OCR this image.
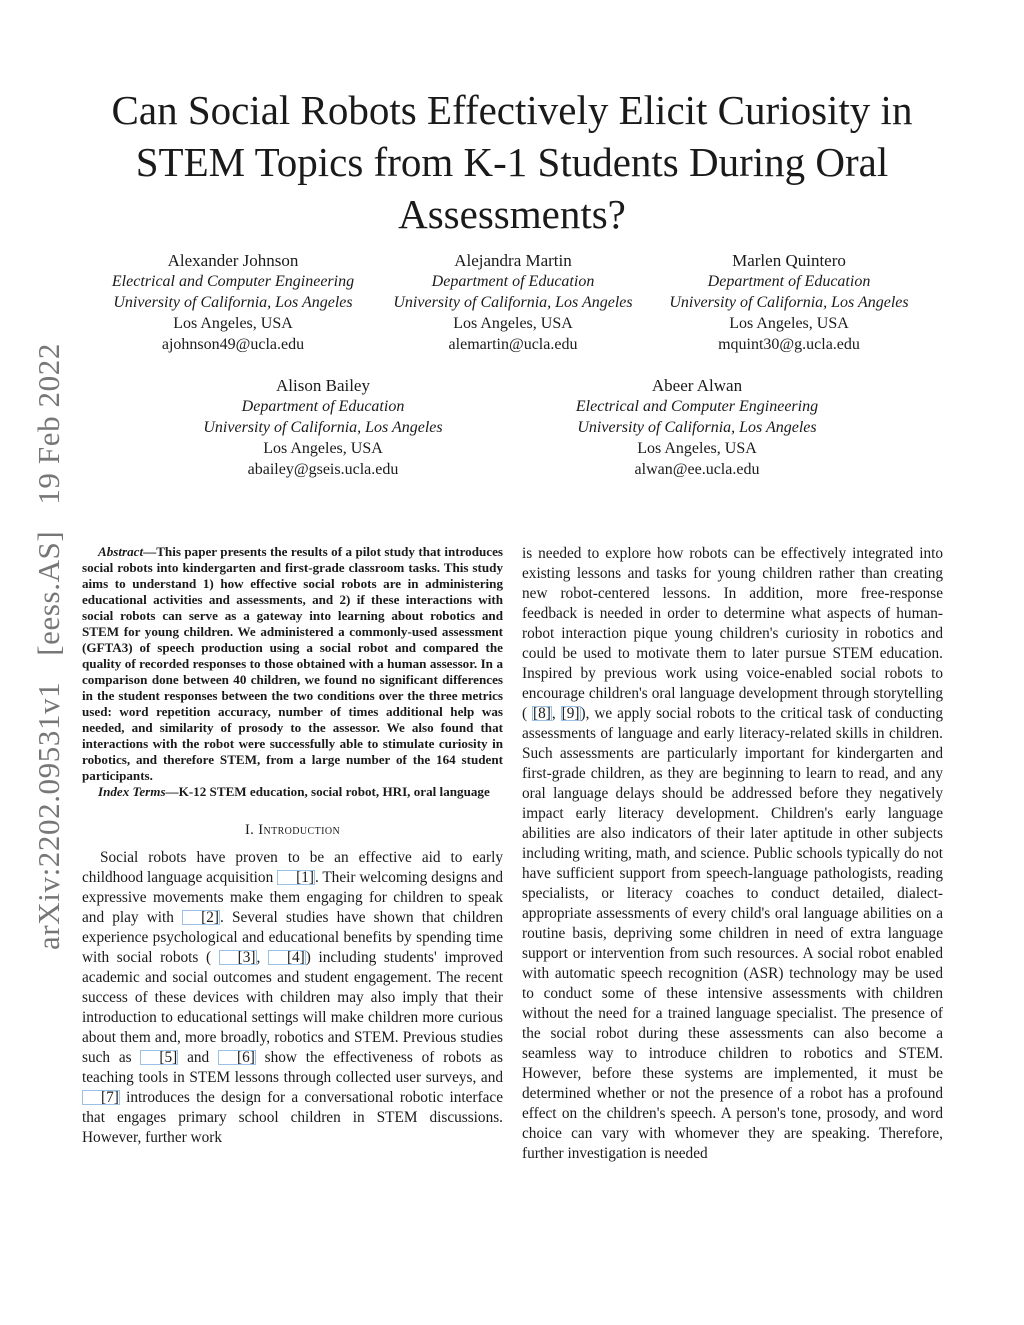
arXiv:2202.09531v1
[eess.AS]
19 Feb 2022
Can Social Robots Effectively Elicit Curiosity in STEM Topics from K-1 Students During Oral Assessments?
Alexander Johnson
Electrical and Computer Engineering
University of California, Los Angeles
Los Angeles, USA
ajohnson49@ucla.edu
Alejandra Martin
Department of Education
University of California, Los Angeles
Los Angeles, USA
alemartin@ucla.edu
Marlen Quintero
Department of Education
University of California, Los Angeles
Los Angeles, USA
mquint30@g.ucla.edu
Alison Bailey
Department of Education
University of California, Los Angeles
Los Angeles, USA
abailey@gseis.ucla.edu
Abeer Alwan
Electrical and Computer Engineering
University of California, Los Angeles
Los Angeles, USA
alwan@ee.ucla.edu

Abstract—This paper presents the results of a pilot study that introduces social robots into kindergarten and first-grade classroom tasks. This study aims to understand 1) how effective social robots are in administering educational activities and assessments, and 2) if these interactions with social robots can serve as a gateway into learning about robotics and STEM for young children. We administered a commonly-used assessment (GFTA3) of speech production using a social robot and compared the quality of recorded responses to those obtained with a human assessor. In a comparison done between 40 children, we found no significant differences in the student responses between the two conditions over the three metrics used: word repetition accuracy, number of times additional help was needed, and similarity of prosody to the assessor. We also found that interactions with the robot were successfully able to stimulate curiosity in robotics, and therefore STEM, from a large number of the 164 student participants.

Index Terms—K-12 STEM education, social robot, HRI, oral language

I. Introduction

Social robots have proven to be an effective aid to early childhood language acquisition [1]. Their welcoming designs and expressive movements make them engaging for children to speak and play with [2]. Several studies have shown that children experience psychological and educational benefits by spending time with social robots ( [3], [4]) including students' improved academic and social outcomes and student engagement. The recent success of these devices with children may also imply that their introduction to educational settings will make children more curious about them and, more broadly, robotics and STEM. Previous studies such as [5] and [6] show the effectiveness of robots as teaching tools in STEM lessons through collected user surveys, and [7] introduces the design for a conversational robotic interface that engages primary school children in STEM discussions. However, further work

is needed to explore how robots can be effectively integrated into existing lessons and tasks for young children rather than creating new robot-centered lessons. In addition, more free-response feedback is needed in order to determine what aspects of human-robot interaction pique young children's curiosity in robotics and could be used to motivate them to later pursue STEM education. Inspired by previous work using voice-enabled social robots to encourage children's oral language development through storytelling ( [8], [9]), we apply social robots to the critical task of conducting assessments of language and early literacy-related skills in children. Such assessments are particularly important for kindergarten and first-grade children, as they are beginning to learn to read, and any oral language delays should be addressed before they negatively impact early literacy development. Children's early language abilities are also indicators of their later aptitude in other subjects including writing, math, and science. Public schools typically do not have sufficient support from speech-language pathologists, reading specialists, or literacy coaches to conduct detailed, dialect-appropriate assessments of every child's oral language abilities on a routine basis, depriving some children in need of extra language support or intervention from such resources. A social robot enabled with automatic speech recognition (ASR) technology may be used to conduct some of these intensive assessments with children without the need for a trained language specialist. The presence of the social robot during these assessments can also become a seamless way to introduce children to robotics and STEM. However, before these systems are implemented, it must be determined whether or not the presence of a robot has a profound effect on the children's speech. A person's tone, prosody, and word choice can vary with whomever they are speaking. Therefore, further investigation is needed
